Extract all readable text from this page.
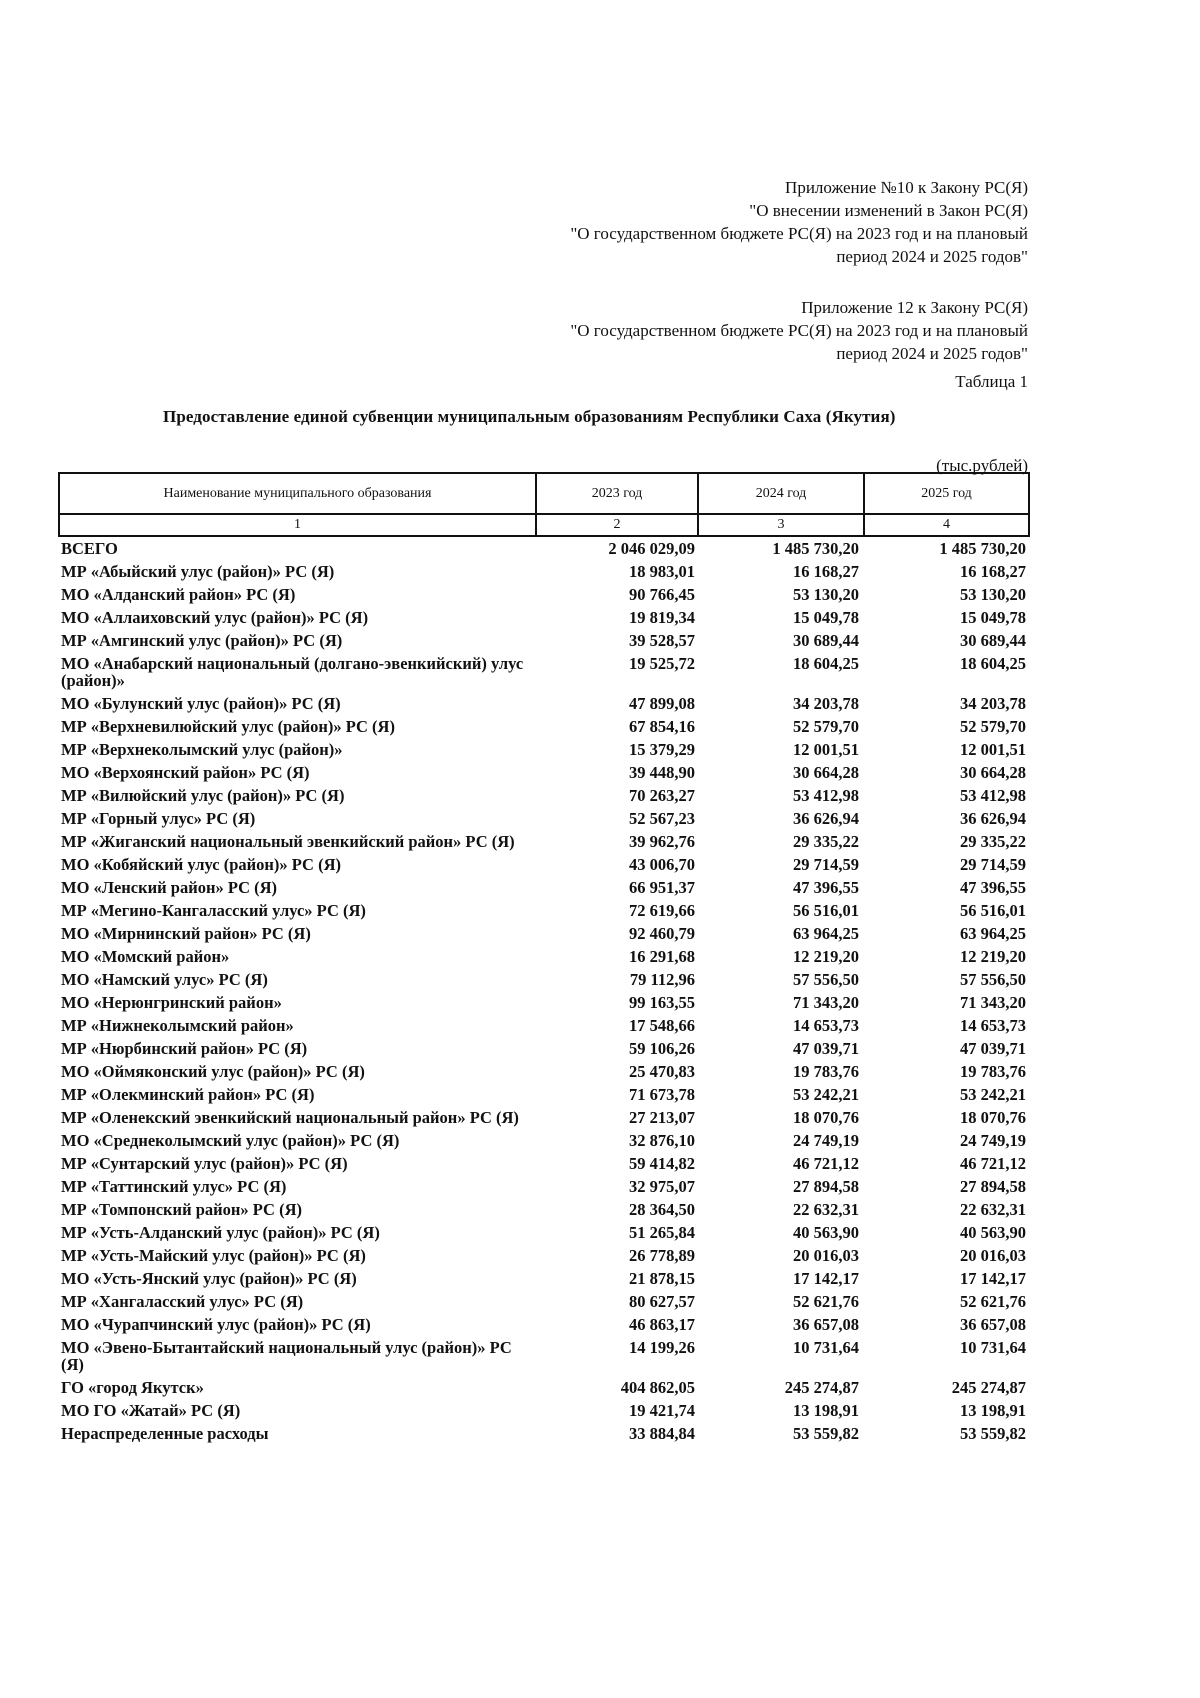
Приложение №10 к Закону РС(Я)
"О внесении изменений в Закон РС(Я)
"О государственном бюджете РС(Я) на 2023 год и на плановый
период 2024 и 2025 годов"
Приложение 12 к Закону РС(Я)
"О государственном бюджете РС(Я) на 2023 год и на плановый
период 2024 и 2025 годов"
Таблица 1
Предоставление единой субвенции муниципальным образованиям Республики Саха (Якутия)
(тыс.рублей)
Наименование муниципального образования	2023 год	2024 год	2025 год
1	2	3	4
ВСЕГО	2 046 029,09	1 485 730,20	1 485 730,20
МР «Абыйский улус (район)» РС (Я)	18 983,01	16 168,27	16 168,27
МО «Алданский район» РС (Я)	90 766,45	53 130,20	53 130,20
МО «Аллаиховский улус (район)» РС (Я)	19 819,34	15 049,78	15 049,78
МР «Амгинский улус (район)» РС (Я)	39 528,57	30 689,44	30 689,44
МО «Анабарский национальный (долгано-эвенкийский) улус (район)»	19 525,72	18 604,25	18 604,25
МО «Булунский улус (район)» РС (Я)	47 899,08	34 203,78	34 203,78
МР «Верхневилюйский улус (район)» РС (Я)	67 854,16	52 579,70	52 579,70
МР «Верхнеколымский улус (район)»	15 379,29	12 001,51	12 001,51
МО «Верхоянский район» РС (Я)	39 448,90	30 664,28	30 664,28
МР «Вилюйский улус (район)» РС (Я)	70 263,27	53 412,98	53 412,98
МР «Горный улус» РС (Я)	52 567,23	36 626,94	36 626,94
МР «Жиганский национальный эвенкийский район» РС (Я)	39 962,76	29 335,22	29 335,22
МО «Кобяйский улус (район)» РС (Я)	43 006,70	29 714,59	29 714,59
МО «Ленский район» РС (Я)	66 951,37	47 396,55	47 396,55
МР «Мегино-Кангаласский улус» РС (Я)	72 619,66	56 516,01	56 516,01
МО «Мирнинский район» РС (Я)	92 460,79	63 964,25	63 964,25
МО «Момский район»	16 291,68	12 219,20	12 219,20
МО «Намский улус» РС (Я)	79 112,96	57 556,50	57 556,50
МО «Нерюнгринский район»	99 163,55	71 343,20	71 343,20
МР «Нижнеколымский район»	17 548,66	14 653,73	14 653,73
МР «Нюрбинский район» РС (Я)	59 106,26	47 039,71	47 039,71
МО «Оймяконский улус (район)» РС (Я)	25 470,83	19 783,76	19 783,76
МР «Олекминский район» РС (Я)	71 673,78	53 242,21	53 242,21
МР «Оленекский эвенкийский национальный район» РС (Я)	27 213,07	18 070,76	18 070,76
МО «Среднеколымский улус (район)» РС (Я)	32 876,10	24 749,19	24 749,19
МР «Сунтарский улус (район)» РС (Я)	59 414,82	46 721,12	46 721,12
МР «Таттинский улус» РС (Я)	32 975,07	27 894,58	27 894,58
МР «Томпонский район» РС (Я)	28 364,50	22 632,31	22 632,31
МР «Усть-Алданский улус (район)» РС (Я)	51 265,84	40 563,90	40 563,90
МР «Усть-Майский улус (район)» РС (Я)	26 778,89	20 016,03	20 016,03
МО «Усть-Янский улус (район)» РС (Я)	21 878,15	17 142,17	17 142,17
МР «Хангаласский улус» РС (Я)	80 627,57	52 621,76	52 621,76
МО «Чурапчинский улус (район)» РС (Я)	46 863,17	36 657,08	36 657,08
МО «Эвено-Бытантайский национальный улус (район)» РС (Я)	14 199,26	10 731,64	10 731,64
ГО «город Якутск»	404 862,05	245 274,87	245 274,87
МО ГО «Жатай» РС (Я)	19 421,74	13 198,91	13 198,91
Нераспределенные расходы	33 884,84	53 559,82	53 559,82
